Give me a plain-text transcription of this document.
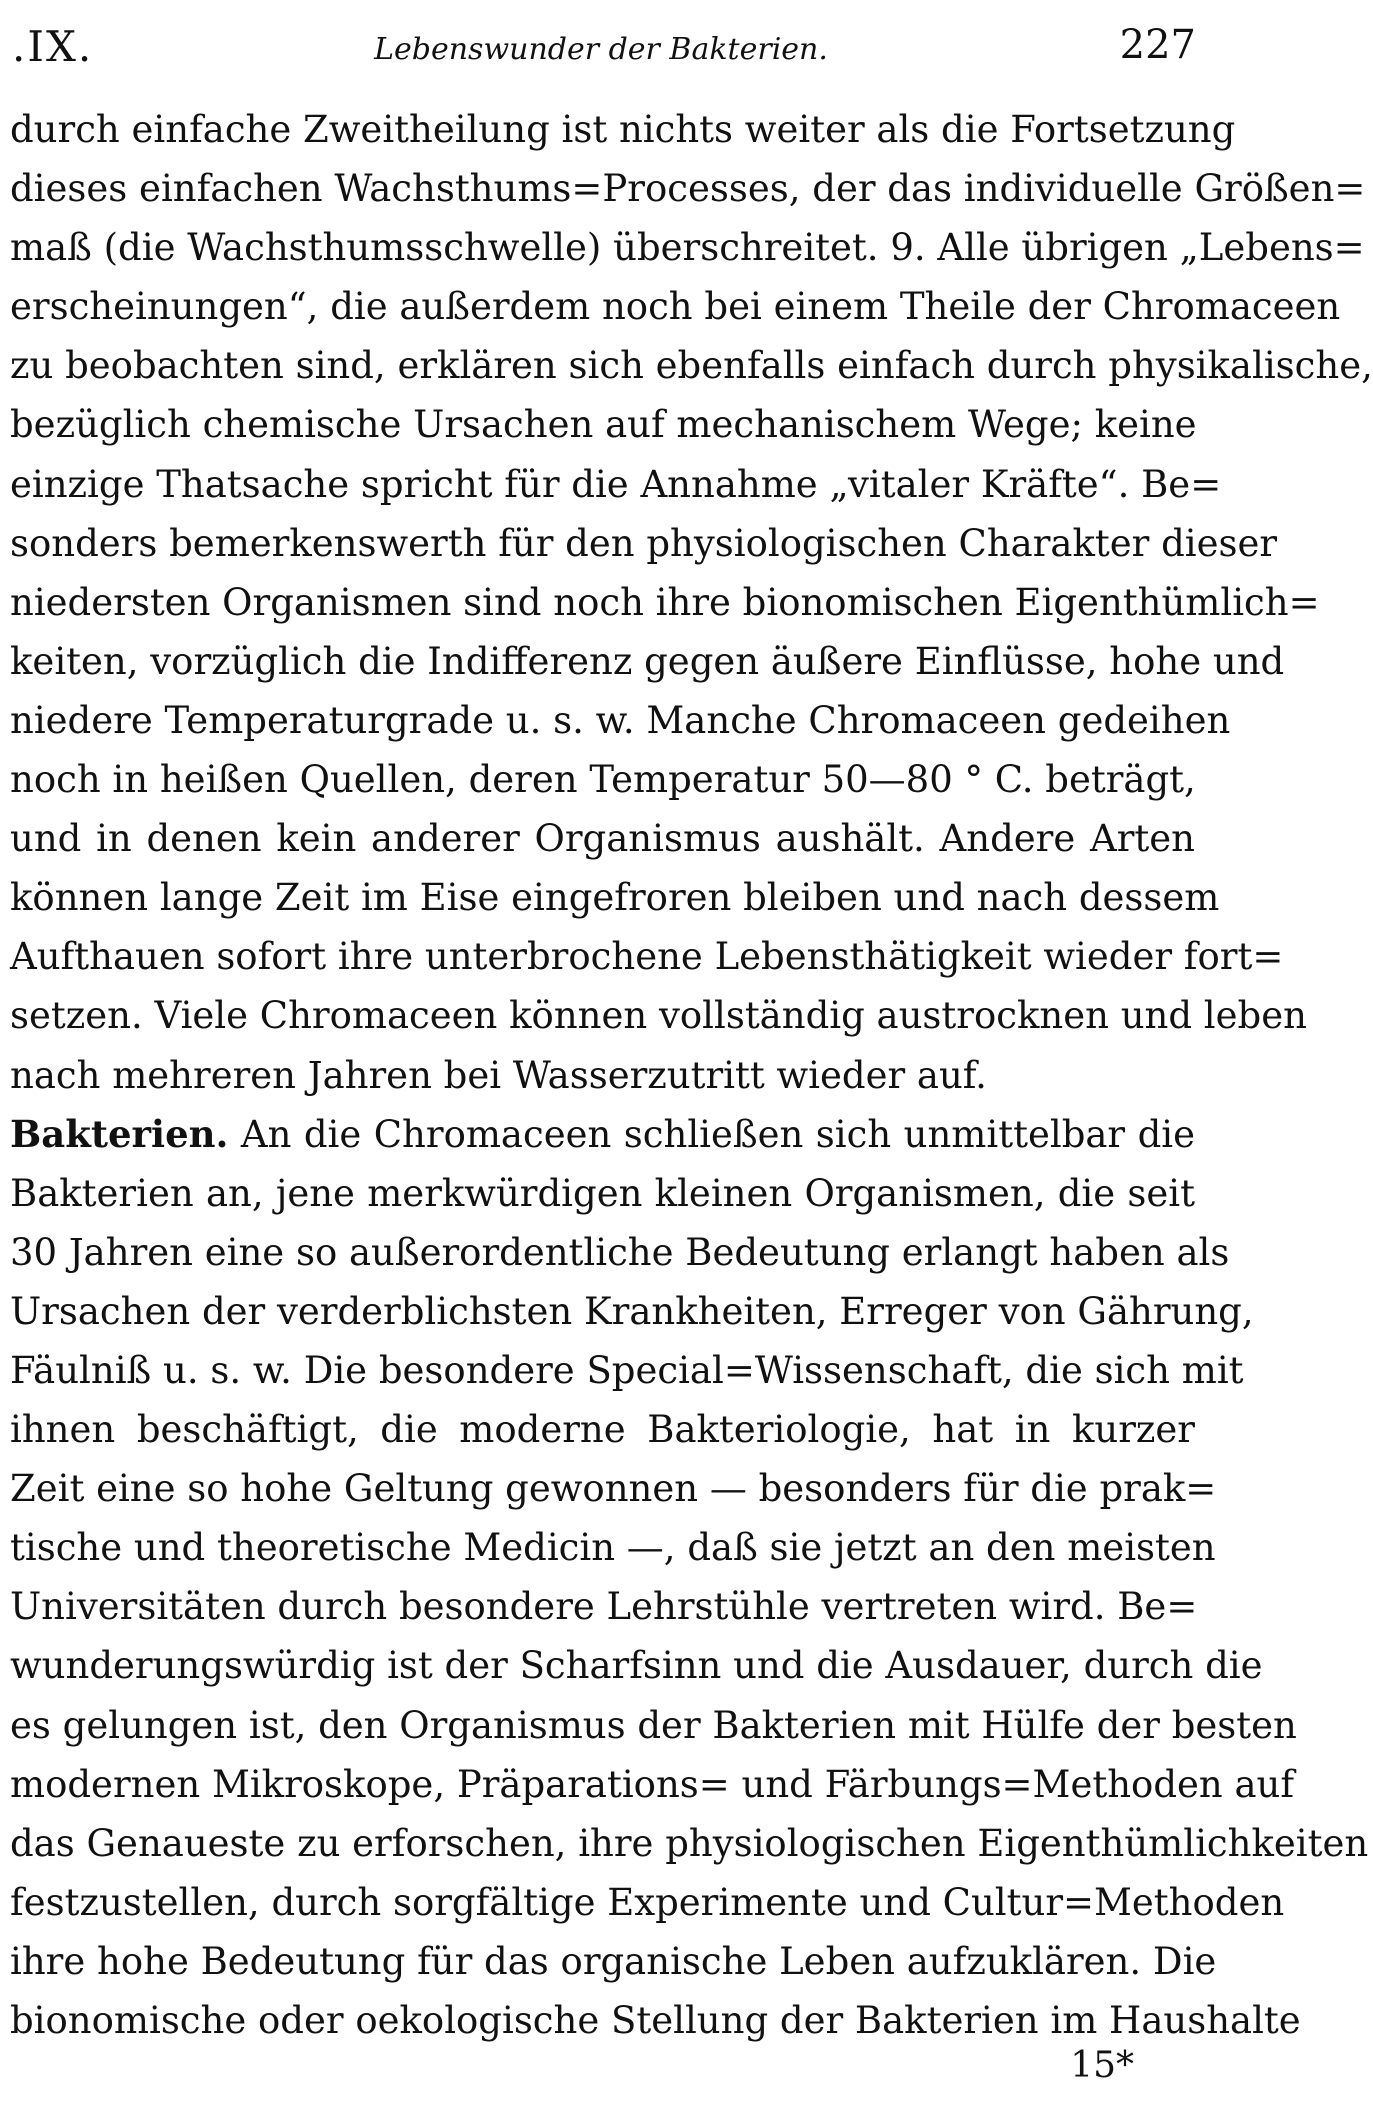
.IX.	Lebenswunder der Bakterien.	227
durch einfache Zweitheilung ist nichts weiter als die Fortsetzung
dieses einfachen Wachsthums=Processes, der das individuelle Größen=
maß (die Wachsthumsschwelle) überschreitet. 9. Alle übrigen „Lebens=
erscheinungen“, die außerdem noch bei einem Theile der Chromaceen
zu beobachten sind, erklären sich ebenfalls einfach durch physikalische,
bezüglich chemische Ursachen auf mechanischem Wege; keine
einzige Thatsache spricht für die Annahme „vitaler Kräfte“. Be=
sonders bemerkenswerth für den physiologischen Charakter dieser
niedersten Organismen sind noch ihre bionomischen Eigenthümlich=
keiten, vorzüglich die Indifferenz gegen äußere Einflüsse, hohe und
niedere Temperaturgrade u. s. w. Manche Chromaceen gedeihen
noch in heißen Quellen, deren Temperatur 50—80 ° C. beträgt,
und in denen kein anderer Organismus aushält. Andere Arten
können lange Zeit im Eise eingefroren bleiben und nach dessem
Aufthauen sofort ihre unterbrochene Lebensthätigkeit wieder fort=
setzen. Viele Chromaceen können vollständig austrocknen und leben
nach mehreren Jahren bei Wasserzutritt wieder auf.
Bakterien. An die Chromaceen schließen sich unmittelbar die
Bakterien an, jene merkwürdigen kleinen Organismen, die seit
30 Jahren eine so außerordentliche Bedeutung erlangt haben als
Ursachen der verderblichsten Krankheiten, Erreger von Gährung,
Fäulniß u. s. w. Die besondere Special=Wissenschaft, die sich mit
ihnen beschäftigt, die moderne Bakteriologie, hat in kurzer
Zeit eine so hohe Geltung gewonnen — besonders für die prak=
tische und theoretische Medicin —, daß sie jetzt an den meisten
Universitäten durch besondere Lehrstühle vertreten wird. Be=
wunderungswürdig ist der Scharfsinn und die Ausdauer, durch die
es gelungen ist, den Organismus der Bakterien mit Hülfe der besten
modernen Mikroskope, Präparations= und Färbungs=Methoden auf
das Genaueste zu erforschen, ihre physiologischen Eigenthümlichkeiten
festzustellen, durch sorgfältige Experimente und Cultur=Methoden
ihre hohe Bedeutung für das organische Leben aufzuklären. Die
bionomische oder oekologische Stellung der Bakterien im Haushalte
15*
